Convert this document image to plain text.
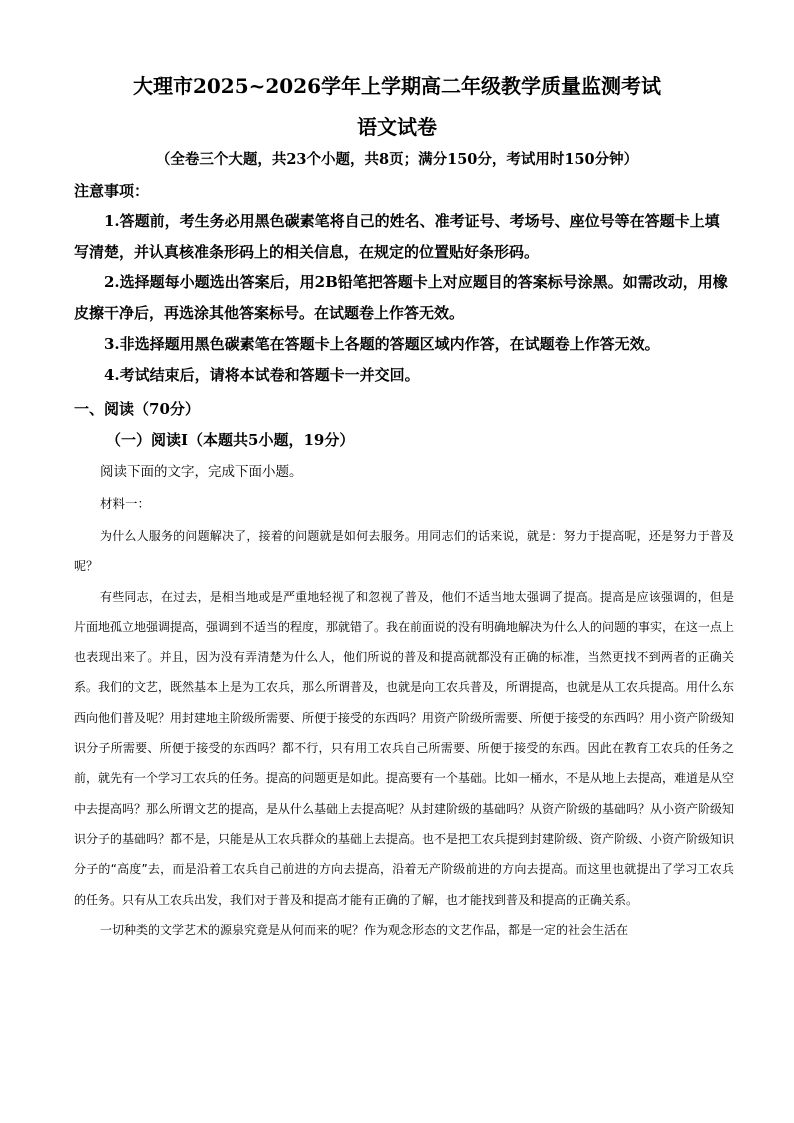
大理市2025~2026学年上学期高二年级教学质量监测考试
语文试卷
（全卷三个大题，共23个小题，共8页；满分150分，考试用时150分钟）
注意事项：

1.答题前，考生务必用黑色碳素笔将自己的姓名、准考证号、考场号、座位号等在答题卡上填写清楚，并认真核准条形码上的相关信息，在规定的位置贴好条形码。

2.选择题每小题选出答案后，用2B铅笔把答题卡上对应题目的答案标号涂黑。如需改动，用橡皮擦干净后，再选涂其他答案标号。在试题卷上作答无效。

3.非选择题用黑色碳素笔在答题卡上各题的答题区域内作答，在试题卷上作答无效。

4.考试结束后，请将本试卷和答题卡一并交回。

一、阅读（70分）
（一）阅读Ⅰ（本题共5小题，19分）
阅读下面的文字，完成下面小题。
材料一：

为什么人服务的问题解决了，接着的问题就是如何去服务。用同志们的话来说，就是：努力于提高呢，还是努力于普及呢？

有些同志，在过去，是相当地或是严重地轻视了和忽视了普及，他们不适当地太强调了提高。提高是应该强调的，但是片面地孤立地强调提高，强调到不适当的程度，那就错了。我在前面说的没有明确地解决为什么人的问题的事实，在这一点上也表现出来了。并且，因为没有弄清楚为什么人，他们所说的普及和提高就都没有正确的标准，当然更找不到两者的正确关系。我们的文艺，既然基本上是为工农兵，那么所谓普及，也就是向工农兵普及，所谓提高，也就是从工农兵提高。用什么东西向他们普及呢？用封建地主阶级所需要、所便于接受的东西吗？用资产阶级所需要、所便于接受的东西吗？用小资产阶级知识分子所需要、所便于接受的东西吗？都不行，只有用工农兵自己所需要、所便于接受的东西。因此在教育工农兵的任务之前，就先有一个学习工农兵的任务。提高的问题更是如此。提高要有一个基础。比如一桶水，不是从地上去提高，难道是从空中去提高吗？那么所谓文艺的提高，是从什么基础上去提高呢？从封建阶级的基础吗？从资产阶级的基础吗？从小资产阶级知识分子的基础吗？都不是，只能是从工农兵群众的基础上去提高。也不是把工农兵提到封建阶级、资产阶级、小资产阶级知识分子的“高度”去，而是沿着工农兵自己前进的方向去提高，沿着无产阶级前进的方向去提高。而这里也就提出了学习工农兵的任务。只有从工农兵出发，我们对于普及和提高才能有正确的了解，也才能找到普及和提高的正确关系。

一切种类的文学艺术的源泉究竟是从何而来的呢？作为观念形态的文艺作品，都是一定的社会生活在
